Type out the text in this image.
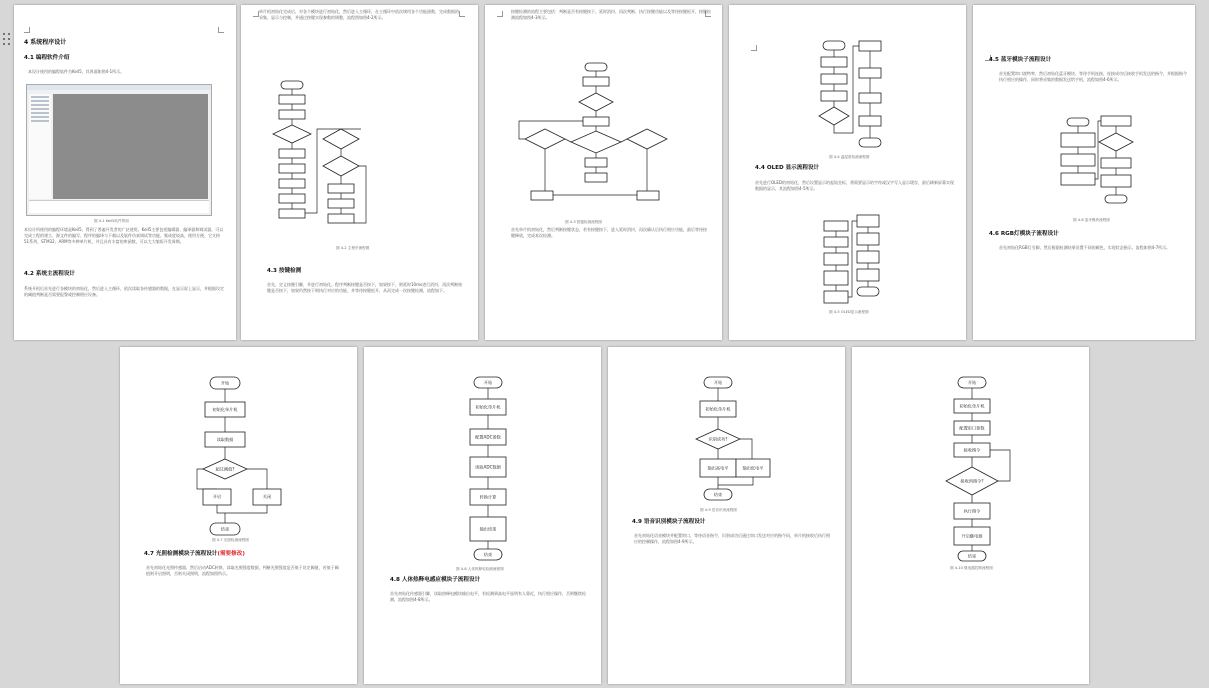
4 系统程序设计
4.1 编程软件介绍
本设计使用的编程软件为Keil5，其界面如图4-1所示。
图 4-1 Keil5软件界面
本设计所使用的编程环境是Keil5，得到了普遍开发者的广泛使用。Keil5主要包括编辑器、编译器和调试器，可以完成工程的建立、源文件的编写、程序的编译与下载以及软件仿真调试等功能，集成度较高，使用方便。它支持51系列、STM32、ARM等多种单片机，并且具有丰富的库函数，可以大大缩短开发周期。
4.2 系统主流程设计
系统开机后首先进行各模块的初始化，然后进入主循环，依次读取各传感器的数据，在显示屏上显示，并根据设定的阈值判断是否需要报警或控制相应设备。
单片机初始化完成后，对各个模块进行初始化，然后进入主循环，在主循环中依次调用各个功能函数，完成数据的采集、显示与控制，并通过按键实现参数的调整，流程图如图4-2所示。
图 4-2 主程序流程图
4.3 按键检测
首先，定义按键引脚，并进行初始化。程序判断按键是否按下，如果按下，则延时10ms进行消抖，再次判断按键是否按下，如果仍然按下则执行对应的功能，并等待按键松开，从而完成一次按键检测，流程如下。
按键检测的流程主要包括：判断是否有按键按下、延时消抖、再次判断、执行按键功能以及等待按键松开，按键检测流程如图4-3所示。
图 4-3 按键检测流程图
首先单片机初始化，然后判断按键状态，若有按键按下，进入延时消抖，再次确认后执行相应功能，最后等待按键释放，完成本次检测。
图 4-4 温湿度检测流程图
4.4 OLED 显示流程设计
首先进行OLED的初始化，然后设置显示的起始坐标，将需要显示的字符或汉字写入显示缓存，最后刷新屏幕实现数据的显示，其流程如图4-5所示。
图 4-5 OLED显示流程图
4.5 蓝牙模块子流程设计
首先配置串口波特率，然后初始化蓝牙模块，等待手机连接，连接成功后接收手机发送的指令，并根据指令执行相应的操作，同时将采集的数据发送给手机，流程如图4-6所示。
图 4-6 蓝牙模块流程图
4.6 RGB灯模块子流程设计
首先初始化RGB灯引脚，然后根据检测结果设置不同的颜色，实现状态指示，流程如图4-7所示。
开始
初始化单片机
读取数据
超过阈值?
开启	关闭
结束
图 4-7 光照检测流程图
4.7 光照检测模块子流程设计(需要修改)
首先初始化光照传感器，然后启动ADC转换，读取光照强度数据，判断光照强度是否低于设定阈值，若低于阈值则开启照明，否则关闭照明，流程如图所示。
开始
初始化单片机
配置ADC参数
读取ADC数据
转换计算
输出结果
结束
图 4-8 人体热释电检测流程图
4.8 人体热释电感应模块子流程设计
首先初始化传感器引脚，读取热释电模块输出电平，若检测到高电平说明有人靠近，执行相应操作，否则继续检测，流程如图4-8所示。
开始
初始化单片机
识别成功?
输出高电平	输出低电平
结束
图 4-9 语音识别流程图
4.9 语音识别模块子流程设计
首先初始化语音模块并配置串口，等待语音指令，识别成功后通过串口发送对应的指令码，单片机接收后执行相应的控制操作，流程如图4-9所示。
开始
初始化单片机
配置串口参数
接收指令
接收到指令?
执行指令
开启继电器
结束
图 4-10 继电器控制流程图
